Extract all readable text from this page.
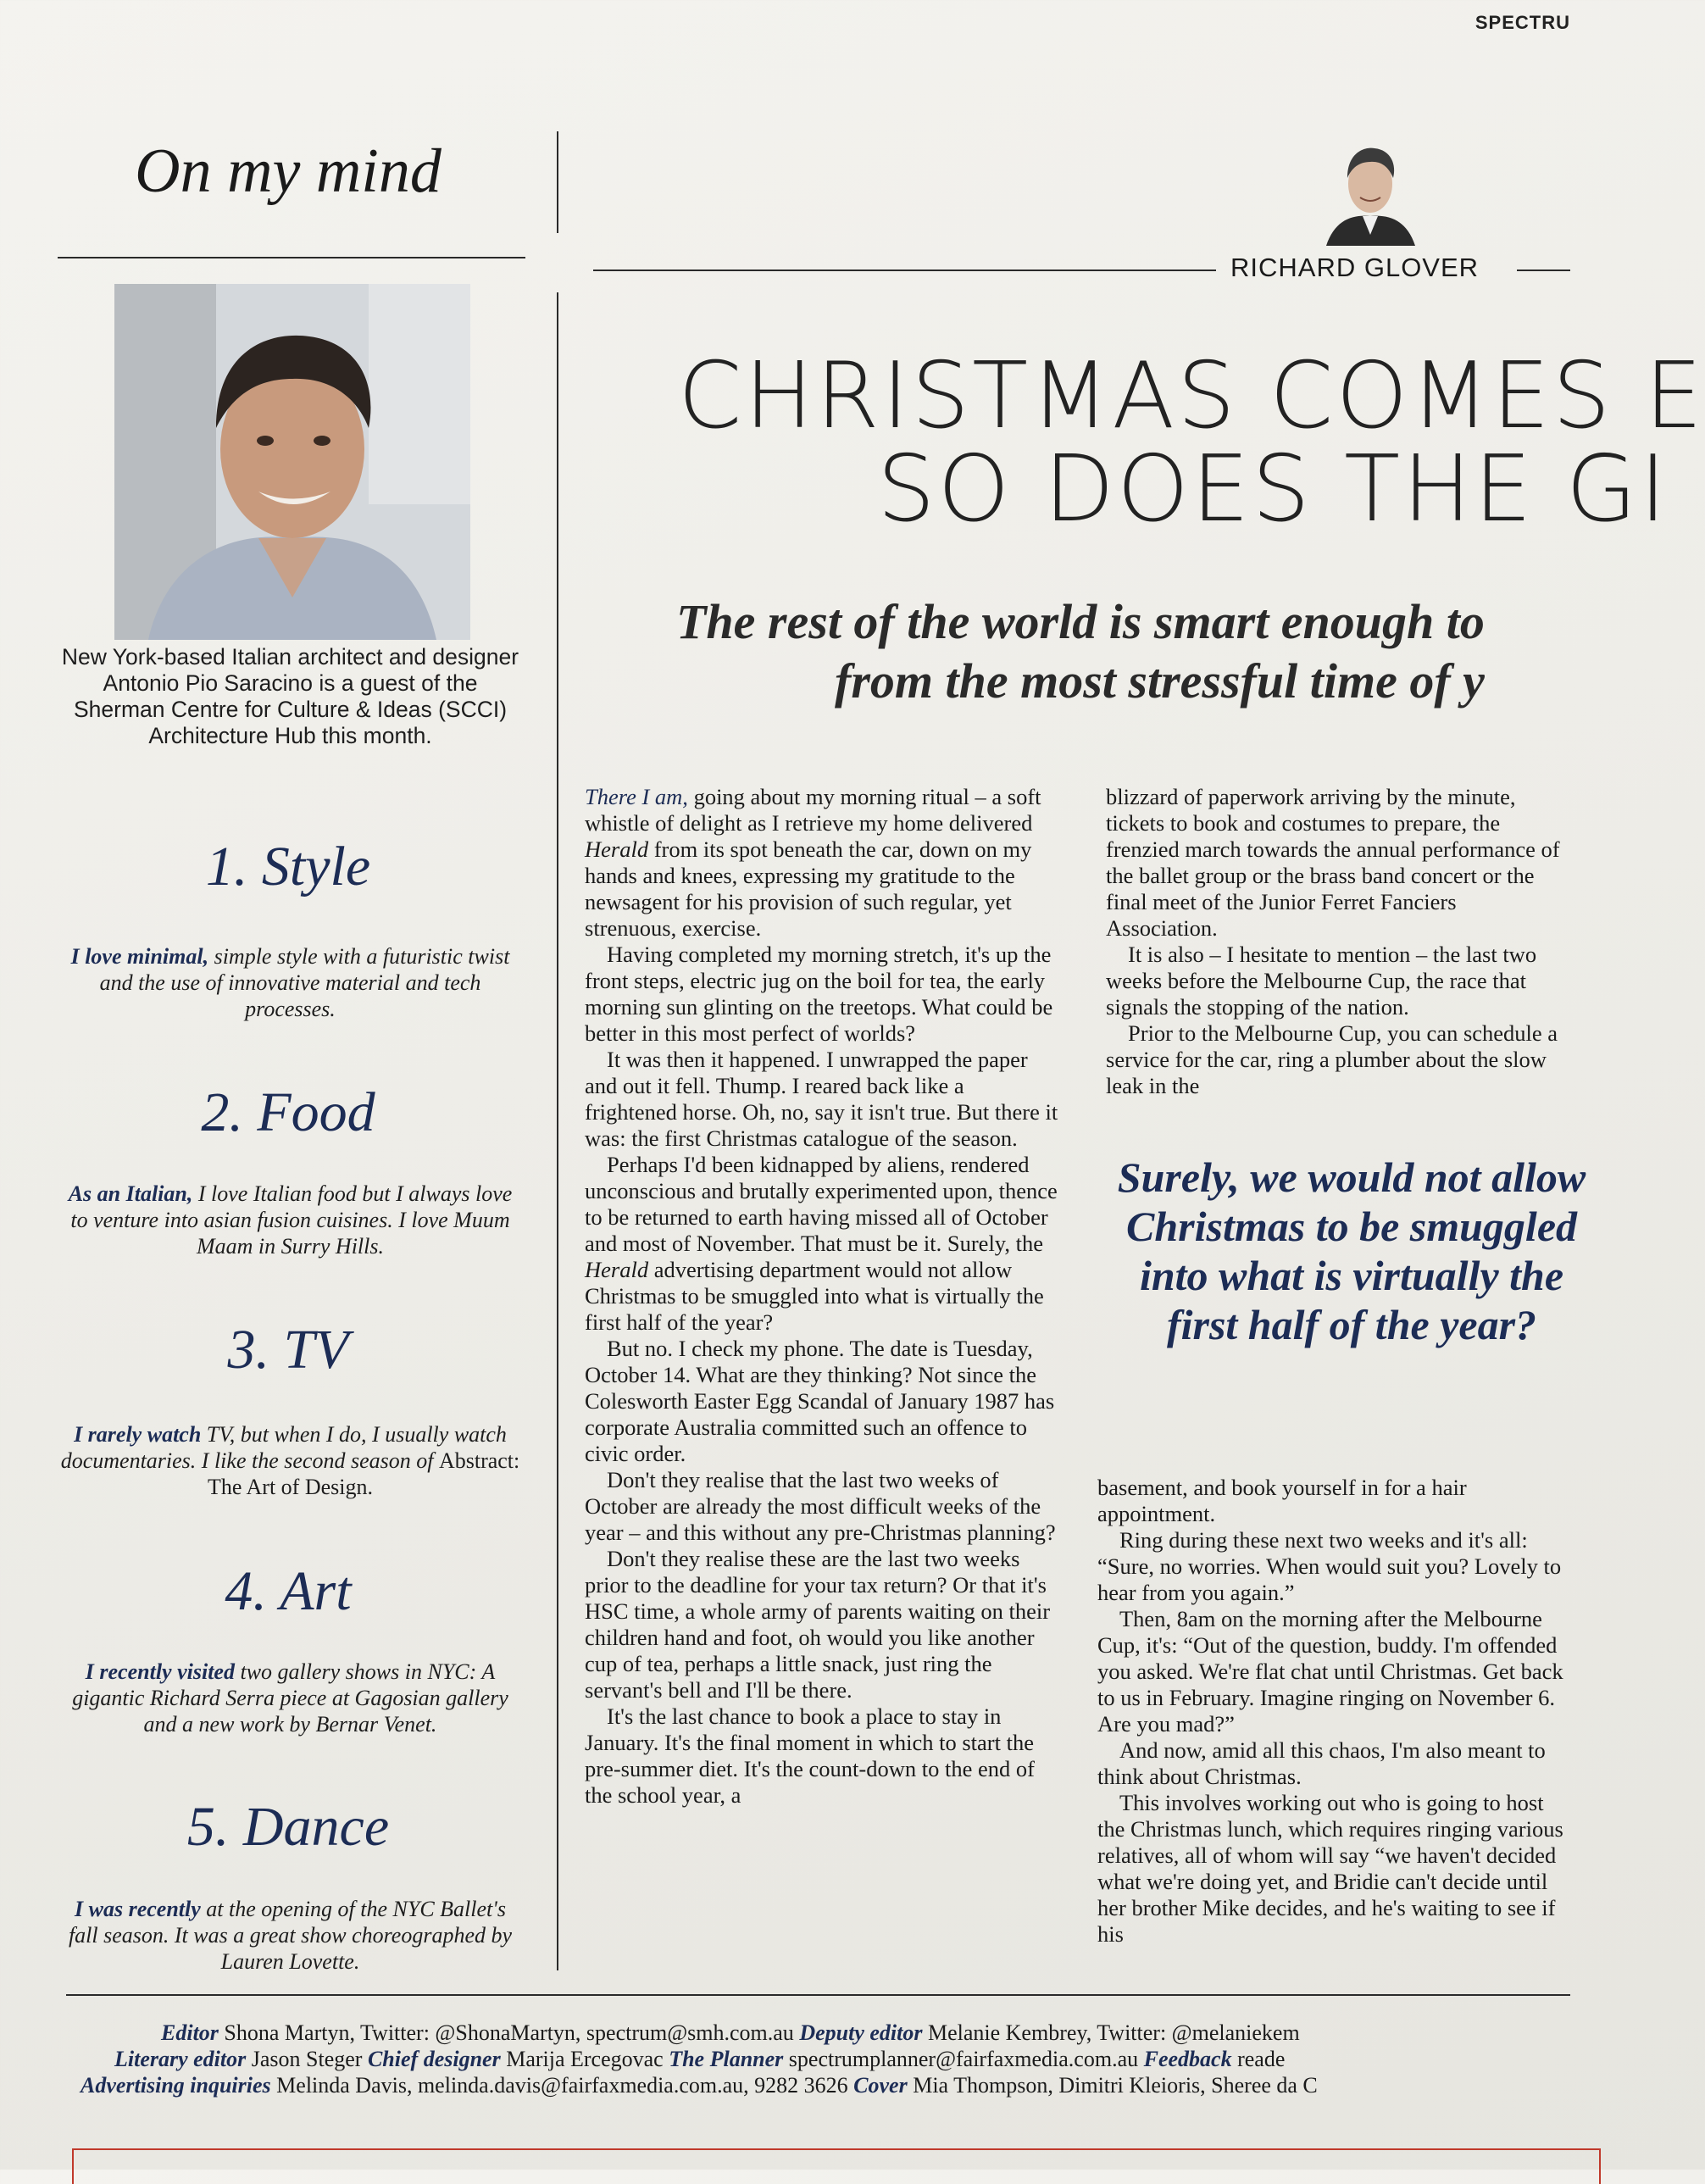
SPECTRU
On my mind
New York-based Italian architect and designer Antonio Pio Saracino is a guest of the Sherman Centre for Culture & Ideas (SCCI) Architecture Hub this month.
1. Style
I love minimal, simple style with a futuristic twist and the use of innovative material and tech processes.
2. Food
As an Italian, I love Italian food but I always love to venture into asian fusion cuisines. I love Muum Maam in Surry Hills.
3. TV
I rarely watch TV, but when I do, I usually watch documentaries. I like the second season of Abstract: The Art of Design.
4. Art
I recently visited two gallery shows in NYC: A gigantic Richard Serra piece at Gagosian gallery and a new work by Bernar Venet.
5. Dance
I was recently at the opening of the NYC Ballet's fall season. It was a great show choreographed by Lauren Lovette.
RICHARD GLOVER
CHRISTMAS COMES E
SO DOES THE GI
The rest of the world is smart enough to
from the most stressful time of y

There I am, going about my morning ritual – a soft whistle of delight as I retrieve my home delivered Herald from its spot beneath the car, down on my hands and knees, expressing my gratitude to the newsagent for his provision of such regular, yet strenuous, exercise.

Having completed my morning stretch, it's up the front steps, electric jug on the boil for tea, the early morning sun glinting on the treetops. What could be better in this most perfect of worlds?

It was then it happened. I unwrapped the paper and out it fell. Thump. I reared back like a frightened horse. Oh, no, say it isn't true. But there it was: the first Christmas catalogue of the season.

Perhaps I'd been kidnapped by aliens, rendered unconscious and brutally experimented upon, thence to be returned to earth having missed all of October and most of November. That must be it. Surely, the Herald advertising department would not allow Christmas to be smuggled into what is virtually the first half of the year?

But no. I check my phone. The date is Tuesday, October 14. What are they thinking? Not since the Colesworth Easter Egg Scandal of January 1987 has corporate Australia committed such an offence to civic order.

Don't they realise that the last two weeks of October are already the most difficult weeks of the year – and this without any pre-Christmas planning?

Don't they realise these are the last two weeks prior to the deadline for your tax return? Or that it's HSC time, a whole army of parents waiting on their children hand and foot, oh would you like another cup of tea, perhaps a little snack, just ring the servant's bell and I'll be there.

It's the last chance to book a place to stay in January. It's the final moment in which to start the pre-summer diet. It's the count-down to the end of the school year, a

blizzard of paperwork arriving by the minute, tickets to book and costumes to prepare, the frenzied march towards the annual performance of the ballet group or the brass band concert or the final meet of the Junior Ferret Fanciers Association.

It is also – I hesitate to mention – the last two weeks before the Melbourne Cup, the race that signals the stopping of the nation.

Prior to the Melbourne Cup, you can schedule a service for the car, ring a plumber about the slow leak in the

Surely, we would not allow Christmas to be smuggled into what is virtually the first half of the year?

basement, and book yourself in for a hair appointment.

Ring during these next two weeks and it's all: “Sure, no worries. When would suit you? Lovely to hear from you again.”

Then, 8am on the morning after the Melbourne Cup, it's: “Out of the question, buddy. I'm offended you asked. We're flat chat until Christmas. Get back to us in February. Imagine ringing on November 6. Are you mad?”

And now, amid all this chaos, I'm also meant to think about Christmas.

This involves working out who is going to host the Christmas lunch, which requires ringing various relatives, all of whom will say “we haven't decided what we're doing yet, and Bridie can't decide until her brother Mike decides, and he's waiting to see if his

Editor Shona Martyn, Twitter: @ShonaMartyn, spectrum@smh.com.au Deputy editor Melanie Kembrey, Twitter: @melaniekem
Literary editor Jason Steger Chief designer Marija Ercegovac The Planner spectrumplanner@fairfaxmedia.com.au Feedback reade
Advertising inquiries Melinda Davis, melinda.davis@fairfaxmedia.com.au, 9282 3626 Cover Mia Thompson, Dimitri Kleioris, Sheree da C
